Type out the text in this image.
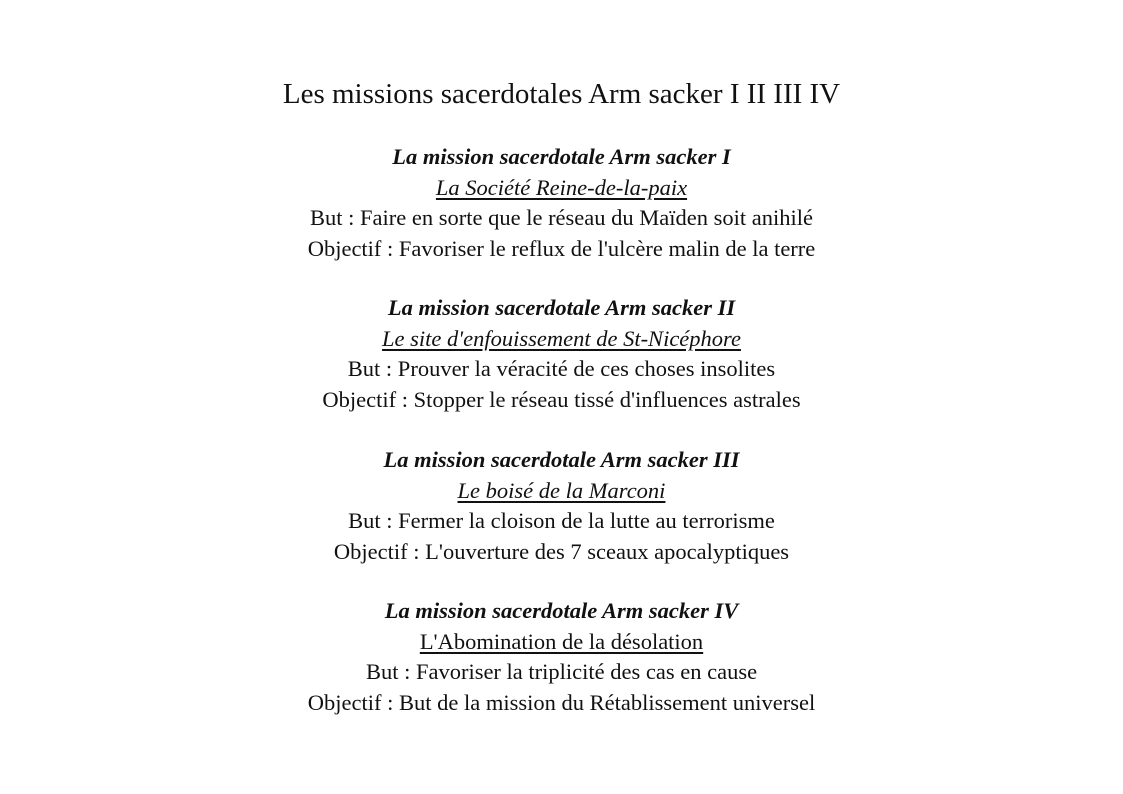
Les missions sacerdotales Arm sacker I II III IV
La mission sacerdotale Arm sacker I
La Société Reine-de-la-paix
But : Faire en sorte que le réseau du Maïden soit anihilé
Objectif : Favoriser le reflux de l'ulcère malin de la terre
La mission sacerdotale Arm sacker II
Le site d'enfouissement de St-Nicéphore
But : Prouver la véracité de ces choses insolites
Objectif : Stopper le réseau tissé d'influences astrales
La mission sacerdotale Arm sacker III
Le boisé de la Marconi
But : Fermer la cloison de la lutte au terrorisme
Objectif : L'ouverture des 7 sceaux apocalyptiques
La mission sacerdotale Arm sacker IV
L'Abomination de la désolation
But : Favoriser la triplicité des cas en cause
Objectif : But de la mission du Rétablissement universel
